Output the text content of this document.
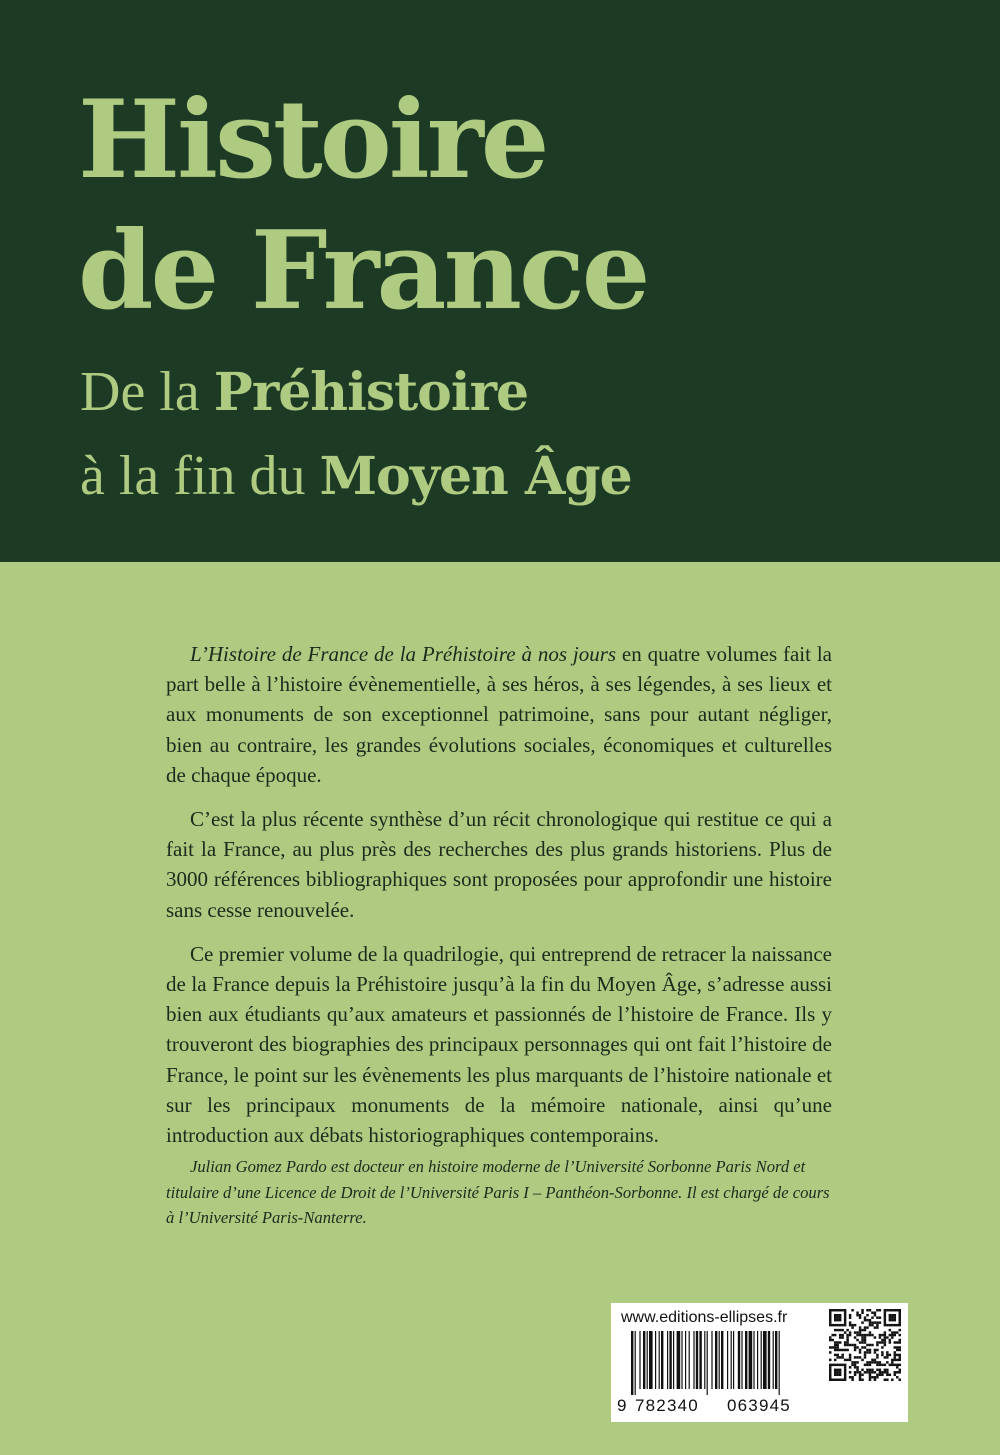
Histoire
de France

De la Préhistoire

à la fin du Moyen Âge

L’Histoire de France de la Préhistoire à nos jours en quatre volumes fait la part belle à l’histoire évènementielle, à ses héros, à ses légendes, à ses lieux et aux monuments de son exceptionnel patrimoine, sans pour autant négliger, bien au contraire, les grandes évolutions sociales, économiques et culturelles de chaque époque.

C’est la plus récente synthèse d’un récit chronologique qui restitue ce qui a fait la France, au plus près des recherches des plus grands historiens. Plus de 3000 références bibliographiques sont proposées pour approfondir une histoire sans cesse renouvelée.

Ce premier volume de la quadrilogie, qui entreprend de retracer la naissance de la France depuis la Préhistoire jusqu’à la fin du Moyen Âge, s’adresse aussi bien aux étudiants qu’aux amateurs et passionnés de l’histoire de France. Ils y trouveront des biographies des principaux personnages qui ont fait l’histoire de France, le point sur les évènements les plus marquants de l’histoire nationale et sur les principaux monuments de la mémoire nationale, ainsi qu’une introduction aux débats historiographiques contemporains.

Julian Gomez Pardo est docteur en histoire moderne de l’Université Sorbonne Paris Nord et titulaire d’une Licence de Droit de l’Université Paris I – Panthéon-Sorbonne. Il est chargé de cours à l’Université Paris-Nanterre.

www.editions-ellipses.fr

9 782340 063945
